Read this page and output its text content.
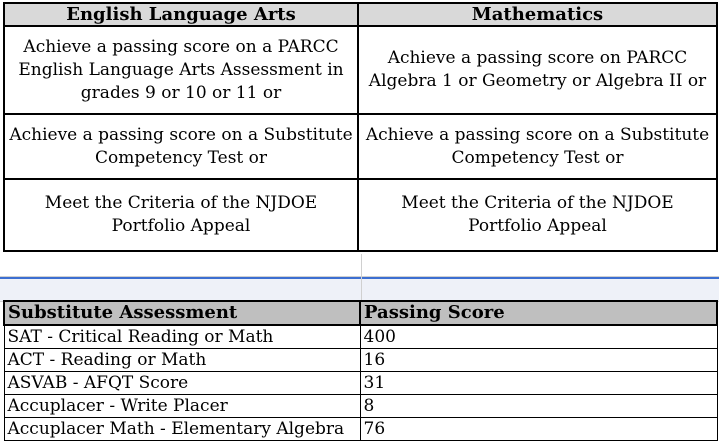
English Language Arts	Mathematics
Achieve a passing score on a PARCC English Language Arts Assessment in grades 9 or 10 or 11 or	Achieve a passing score on PARCC Algebra 1 or Geometry or Algebra II or
Achieve a passing score on a Substitute Competency Test or	Achieve a passing score on a Substitute Competency Test or
Meet the Criteria of the NJDOE Portfolio Appeal	Meet the Criteria of the NJDOE Portfolio Appeal
Substitute Assessment	Passing Score
SAT - Critical Reading or Math	400
ACT - Reading or Math	16
ASVAB - AFQT Score	31
Accuplacer - Write Placer	8
Accuplacer Math - Elementary Algebra	76
